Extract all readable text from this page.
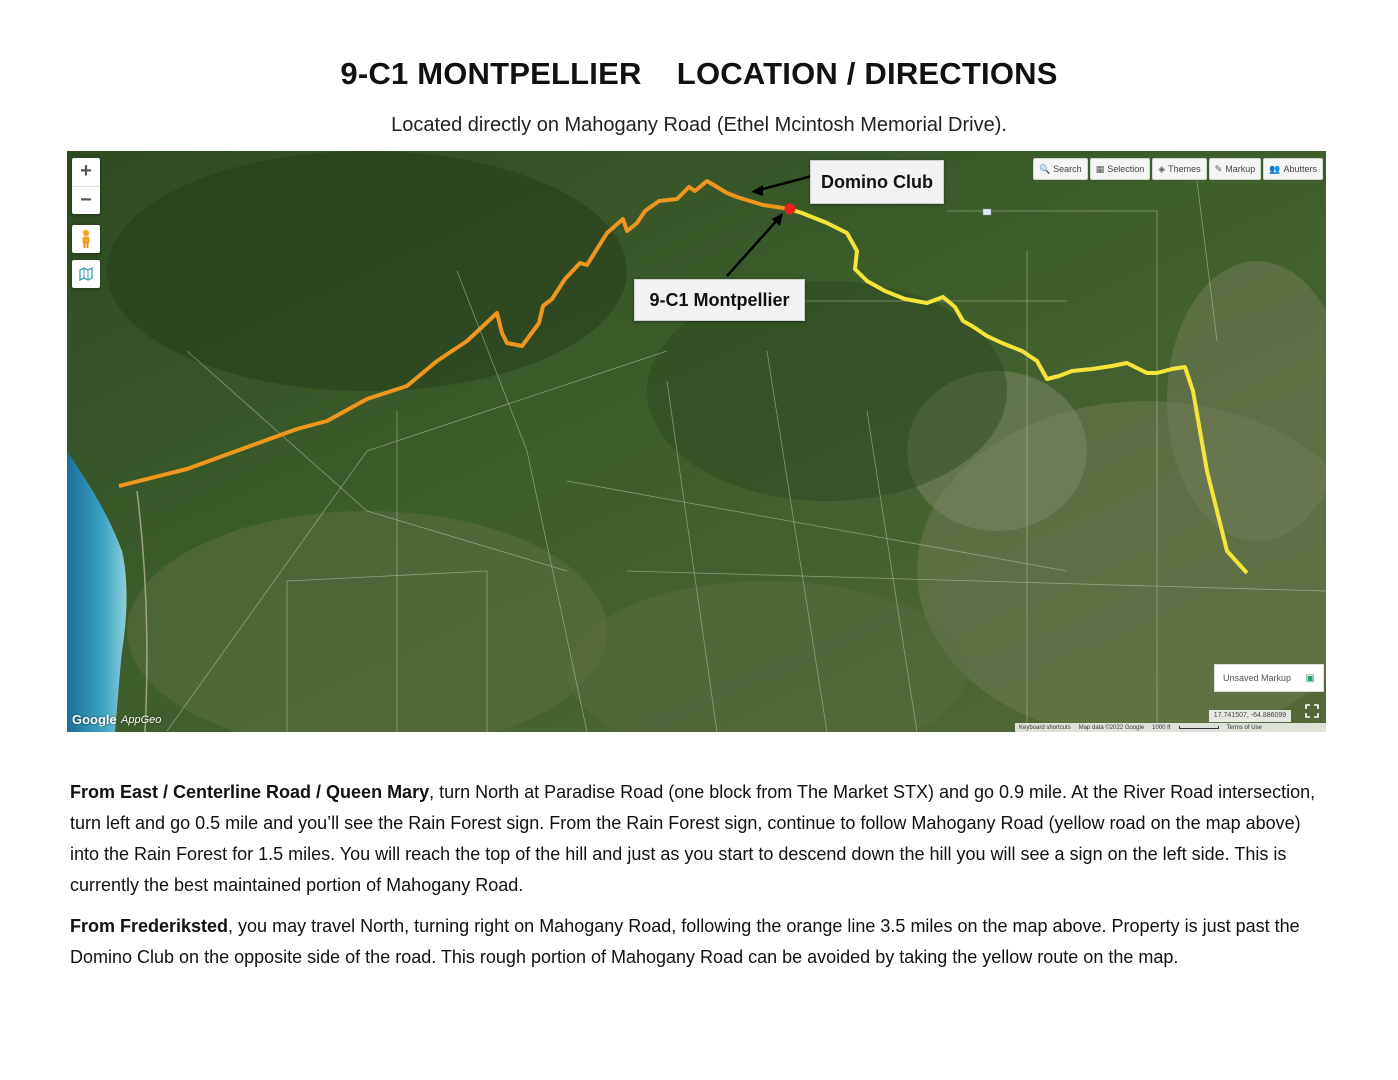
9-C1 MONTPELLIER    LOCATION / DIRECTIONS
Located directly on Mahogany Road (Ethel Mcintosh Memorial Drive).
+
−
🔍 Search ▦ Selection ◈ Themes ✎ Markup 👥 Abutters
Domino Club
9-C1 Montpellier
Unsaved Markup ▣
Google AppGeo	17.741507, -64.886099
Keyboard shortcuts Map data ©2022 Google 1000 ft	Terms of Use

From East / Centerline Road / Queen Mary, turn North at Paradise Road (one block from The Market STX) and go 0.9 mile. At the River Road intersection, turn left and go 0.5 mile and you’ll see the Rain Forest sign. From the Rain Forest sign, continue to follow Mahogany Road (yellow road on the map above) into the Rain Forest for 1.5 miles. You will reach the top of the hill and just as you start to descend down the hill you will see a sign on the left side. This is currently the best maintained portion of Mahogany Road.

From Frederiksted, you may travel North, turning right on Mahogany Road, following the orange line 3.5 miles on the map above. Property is just past the Domino Club on the opposite side of the road. This rough portion of Mahogany Road can be avoided by taking the yellow route on the map.
